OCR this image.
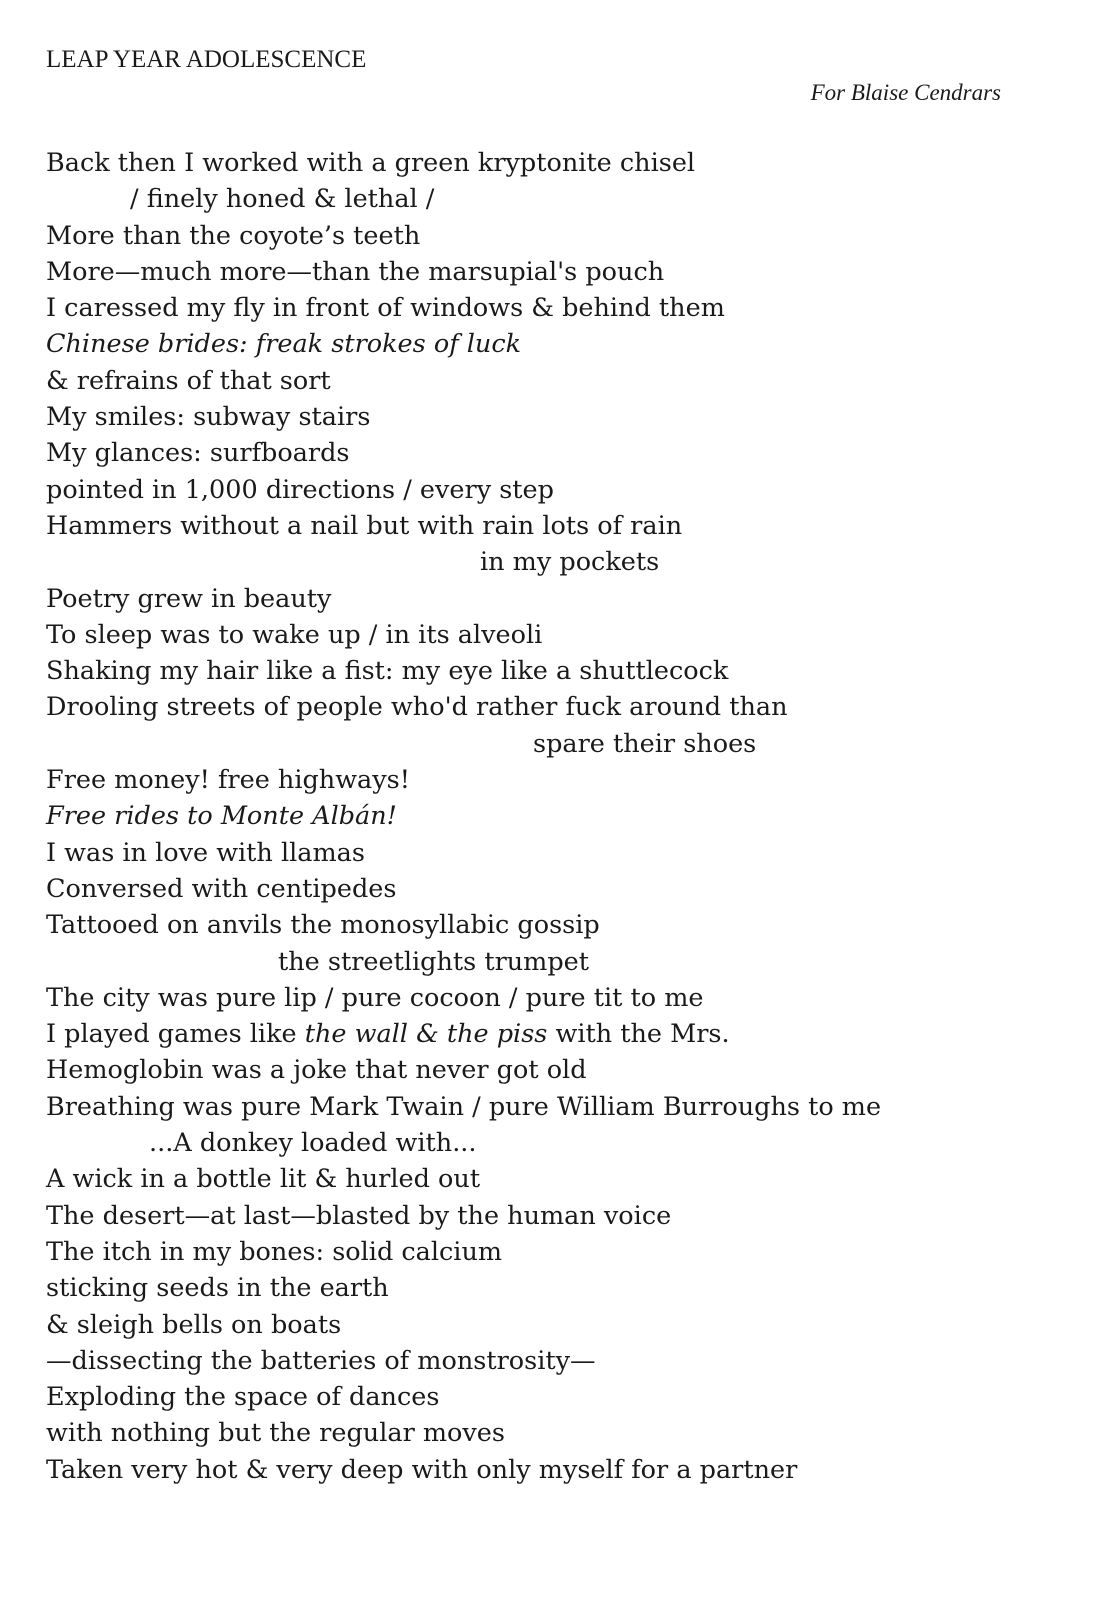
LEAP YEAR ADOLESCENCE
For Blaise Cendrars
Back then I worked with a green kryptonite chisel
/ finely honed & lethal /
More than the coyote’s teeth
More—much more—than the marsupial's pouch
I caressed my fly in front of windows & behind them
Chinese brides: freak strokes of luck
& refrains of that sort
My smiles: subway stairs
My glances: surfboards
pointed in 1,000 directions / every step
Hammers without a nail but with rain lots of rain
in my pockets
Poetry grew in beauty
To sleep was to wake up / in its alveoli
Shaking my hair like a fist: my eye like a shuttlecock
Drooling streets of people who'd rather fuck around than
spare their shoes
Free money! free highways!
Free rides to Monte Albán!
I was in love with llamas
Conversed with centipedes
Tattooed on anvils the monosyllabic gossip
the streetlights trumpet
The city was pure lip / pure cocoon / pure tit to me
I played games like the wall & the piss with the Mrs.
Hemoglobin was a joke that never got old
Breathing was pure Mark Twain / pure William Burroughs to me
...A donkey loaded with...
A wick in a bottle lit & hurled out
The desert—at last—blasted by the human voice
The itch in my bones: solid calcium
sticking seeds in the earth
& sleigh bells on boats
—dissecting the batteries of monstrosity—
Exploding the space of dances
with nothing but the regular moves
Taken very hot & very deep with only myself for a partner
